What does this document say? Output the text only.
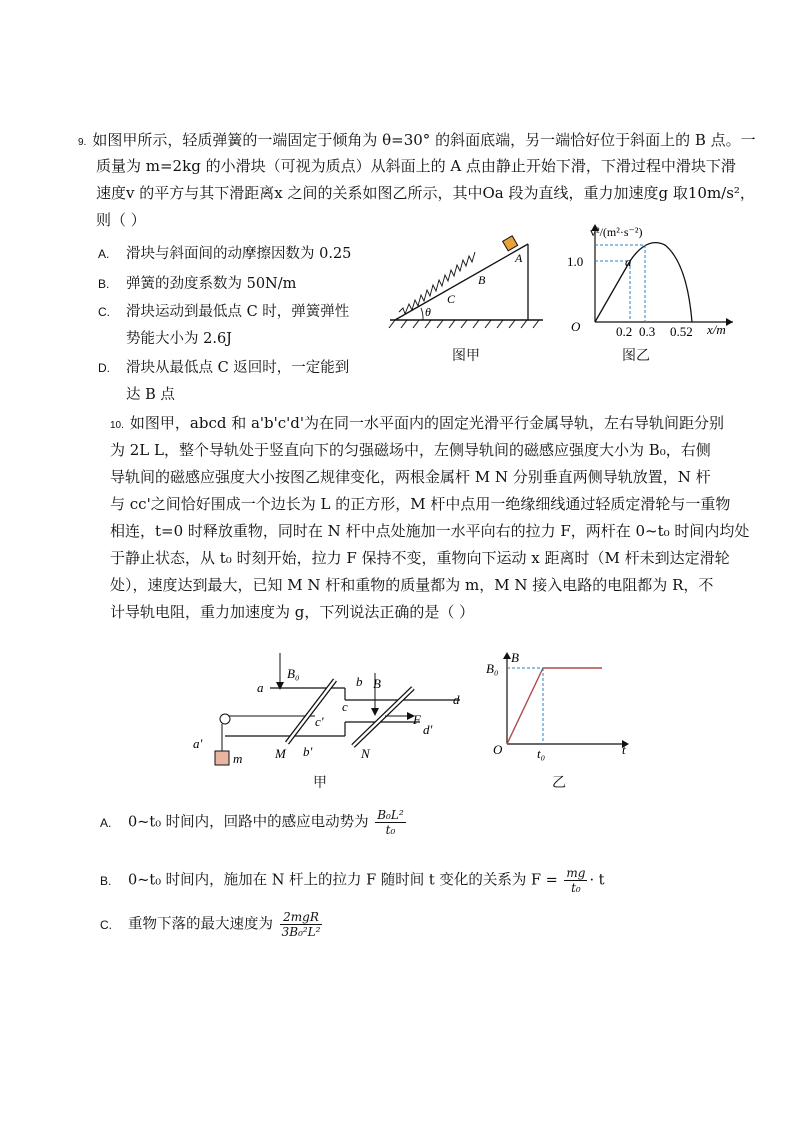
9. 如图甲所示，轻质弹簧的一端固定于倾角为 θ=30° 的斜面底端，另一端恰好位于斜面上的 B 点。一
质量为 m=2kg 的小滑块（可视为质点）从斜面上的 A 点由静止开始下滑，下滑过程中滑块下滑
速度v 的平方与其下滑距离x 之间的关系如图乙所示，其中Oa 段为直线，重力加速度g 取10m/s²，
则（ ）
A. 滑块与斜面间的动摩擦因数为 0.25
B. 弹簧的劲度系数为 50N/m
C. 滑块运动到最低点 C 时，弹簧弹性
势能大小为 2.6J
D. 滑块从最低点 C 返回时，一定能到
达 B 点
θ
C
B
A
图甲
1.0
v²/(m²·s⁻²)
a
O	0.2 0.3 0.52 x/m
图乙
10. 如图甲，abcd 和 a'b'c'd'为在同一水平面内的固定光滑平行金属导轨，左右导轨间距分别
为 2L L，整个导轨处于竖直向下的匀强磁场中，左侧导轨间的磁感应强度大小为 B₀，右侧
导轨间的磁感应强度大小按图乙规律变化，两根金属杆 M N 分别垂直两侧导轨放置，N 杆
与 cc'之间恰好围成一个边长为 L 的正方形，M 杆中点用一绝缘细线通过轻质定滑轮与一重物
相连，t=0 时释放重物，同时在 N 杆中点处施加一水平向右的拉力 F，两杆在 0~t₀ 时间内均处
于静止状态，从 t₀ 时刻开始，拉力 F 保持不变，重物向下运动 x 距离时（M 杆未到达定滑轮
处），速度达到最大，已知 M N 杆和重物的质量都为 m，M N 接入电路的电阻都为 R，不
计导轨电阻，重力加速度为 g，下列说法正确的是（ ）
B₀
B
a	b
c	d
a'
c'
b'
d'
F
M	N
m
甲
B₀
B
O	t₀	t
乙
A. 0~t₀ 时间内，回路中的感应电动势为 $\frac{\text{B₀L²}}{\text{t₀}}$
B. 0~t₀ 时间内，施加在 N 杆上的拉力 F 随时间 t 变化的关系为 $F = \frac{mg}{\text{t₀}} \cdot t$
C. 重物下落的最大速度为 $\frac{\text{2mgR}}{\text{3B₀²L²}}$
